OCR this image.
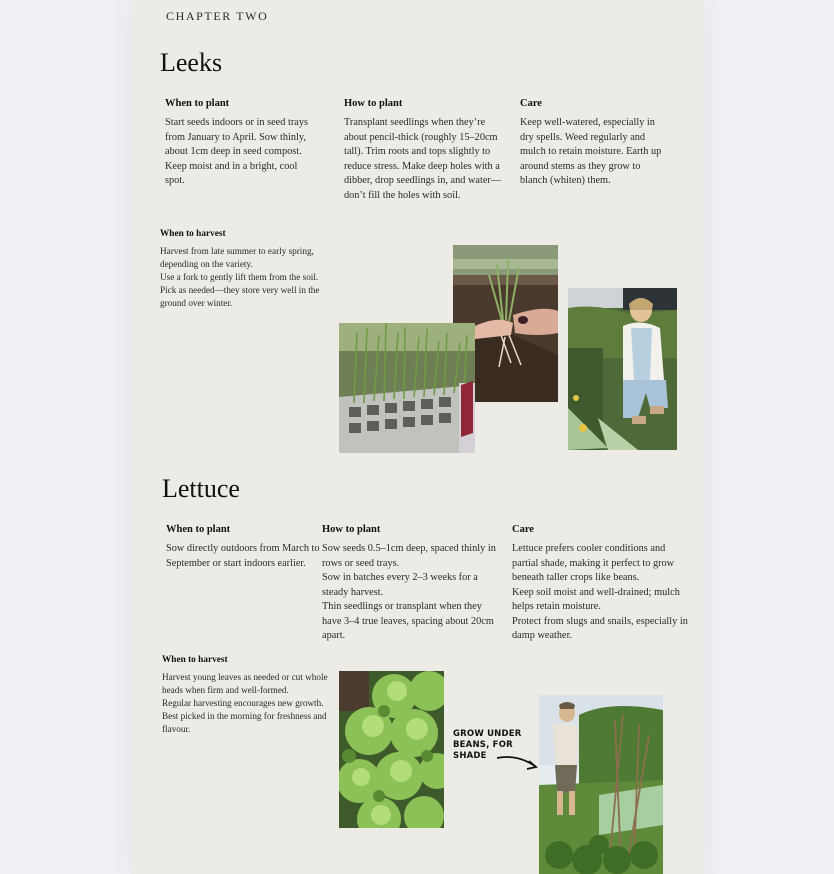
CHAPTER TWO
Leeks
When to plant
Start seeds indoors or in seed trays from January to April. Sow thinly, about 1cm deep in seed compost. Keep moist and in a bright, cool spot.
How to plant
Transplant seedlings when they’re about pencil-thick (roughly 15–20cm tall). Trim roots and tops slightly to reduce stress. Make deep holes with a dibber, drop seedlings in, and water—don’t fill the holes with soil.
Care
Keep well-watered, especially in dry spells. Weed regularly and mulch to retain moisture. Earth up around stems as they grow to blanch (whiten) them.
When to harvest
Harvest from late summer to early spring, depending on the variety.
Use a fork to gently lift them from the soil. Pick as needed—they store very well in the ground over winter.
Lettuce
When to plant
Sow directly outdoors from March to September or start indoors earlier.
How to plant
Sow seeds 0.5–1cm deep, spaced thinly in rows or seed trays.
Sow in batches every 2–3 weeks for a steady harvest.
Thin seedlings or transplant when they have 3–4 true leaves, spacing about 20cm apart.
Care
Lettuce prefers cooler conditions and partial shade, making it perfect to grow beneath taller crops like beans.
Keep soil moist and well-drained; mulch helps retain moisture.
Protect from slugs and snails, especially in damp weather.
When to harvest
Harvest young leaves as needed or cut whole heads when firm and well-formed.
Regular harvesting encourages new growth.
Best picked in the morning for freshness and flavour.	GROW UNDER BEANS, FOR SHADE
